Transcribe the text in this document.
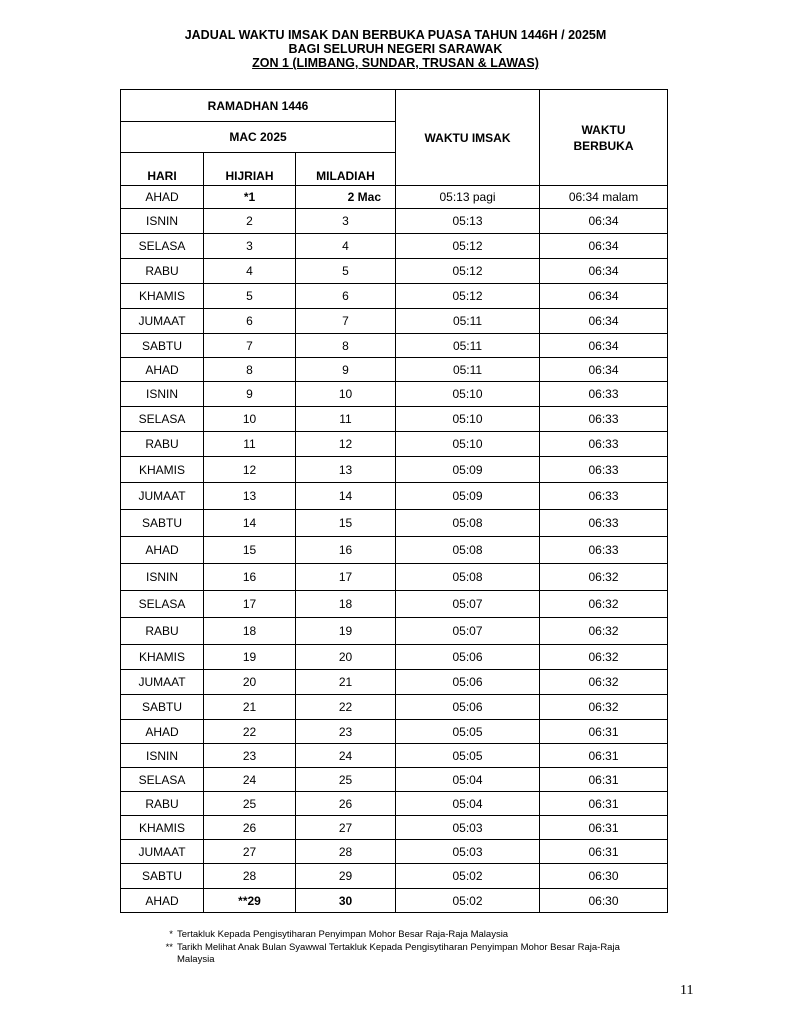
JADUAL WAKTU IMSAK DAN BERBUKA PUASA TAHUN 1446H / 2025M
BAGI SELURUH NEGERI SARAWAK
ZON 1 (LIMBANG, SUNDAR, TRUSAN & LAWAS)
RAMADHAN 1446			WAKTU IMSAK	WAKTU
BERBUKA
MAC 2025				
HARI	HIJRIAH	MILADIAH		
AHAD	*1	2 Mac	05:13 pagi	06:34 malam
ISNIN	2	3	05:13	06:34
SELASA	3	4	05:12	06:34
RABU	4	5	05:12	06:34
KHAMIS	5	6	05:12	06:34
JUMAAT	6	7	05:11	06:34
SABTU	7	8	05:11	06:34
AHAD	8	9	05:11	06:34
ISNIN	9	10	05:10	06:33
SELASA	10	11	05:10	06:33
RABU	11	12	05:10	06:33
KHAMIS	12	13	05:09	06:33
JUMAAT	13	14	05:09	06:33
SABTU	14	15	05:08	06:33
AHAD	15	16	05:08	06:33
ISNIN	16	17	05:08	06:32
SELASA	17	18	05:07	06:32
RABU	18	19	05:07	06:32
KHAMIS	19	20	05:06	06:32
JUMAAT	20	21	05:06	06:32
SABTU	21	22	05:06	06:32
AHAD	22	23	05:05	06:31
ISNIN	23	24	05:05	06:31
SELASA	24	25	05:04	06:31
RABU	25	26	05:04	06:31
KHAMIS	26	27	05:03	06:31
JUMAAT	27	28	05:03	06:31
SABTU	28	29	05:02	06:30
AHAD	**29	30	05:02	06:30
* Tertakluk Kepada Pengisytiharan Penyimpan Mohor Besar Raja-Raja Malaysia
** Tarikh Melihat Anak Bulan Syawwal Tertakluk Kepada Pengisytiharan Penyimpan Mohor Besar Raja-Raja Malaysia
11
